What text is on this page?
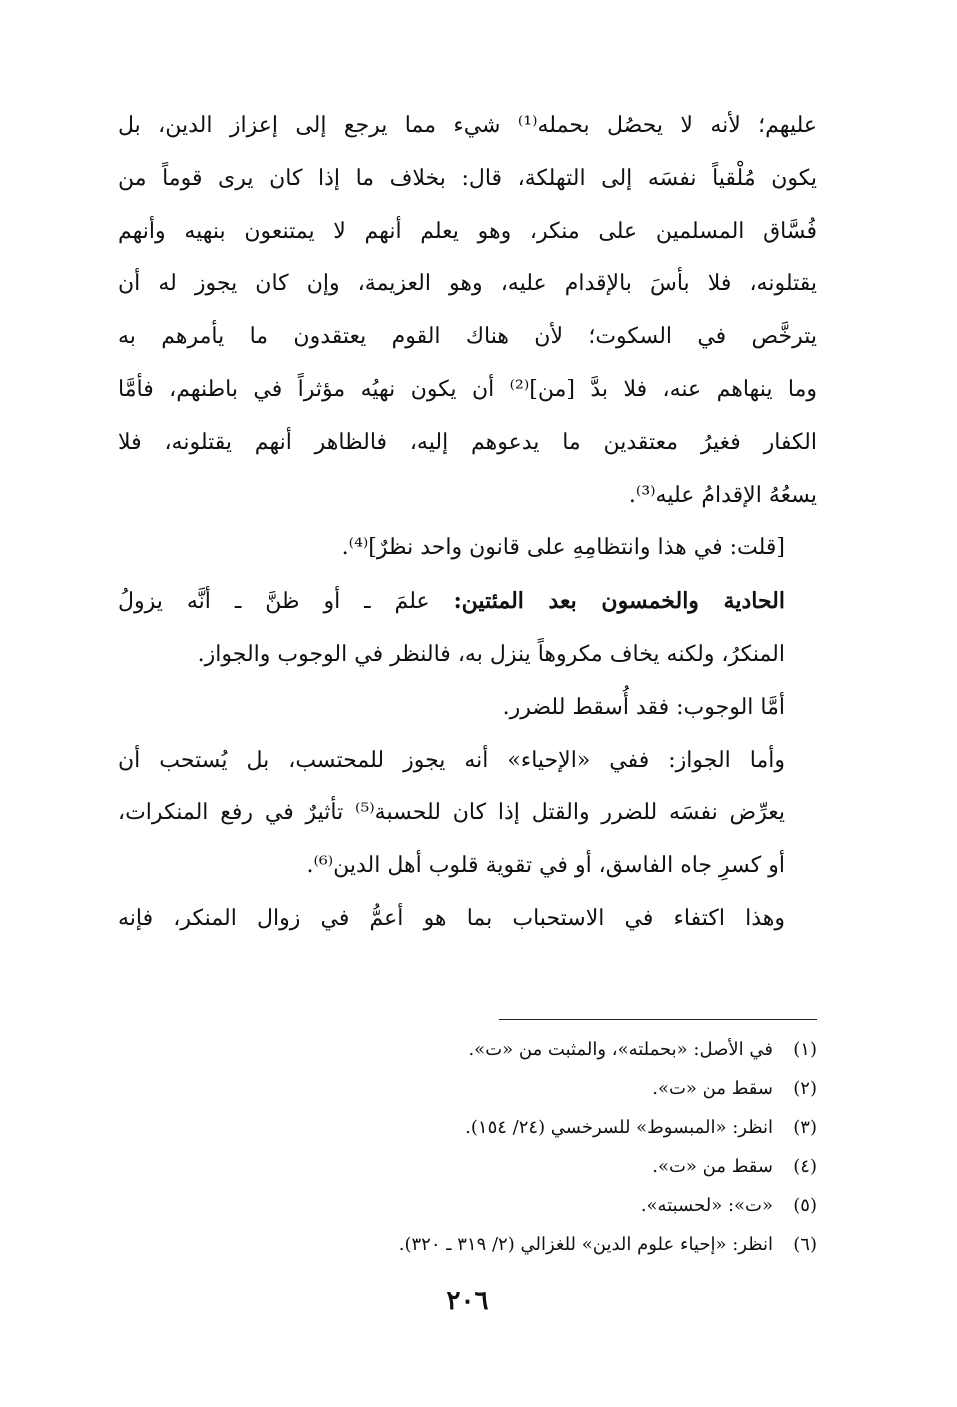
عليهم؛ لأنه لا يحصُل بحمله⁽¹⁾ شيء مما يرجع إلى إعزاز الدين، بل
يكون مُلْقياً نفسَه إلى التهلكة، قال: بخلاف ما إذا كان يرى قوماً من
فُسَّاق المسلمين على منكر، وهو يعلم أنهم لا يمتنعون بنهيه وأنهم
يقتلونه، فلا بأسَ بالإقدام عليه، وهو العزيمة، وإن كان يجوز له أن
يترخَّص في السكوت؛ لأن هناك القوم يعتقدون ما يأمرهم به
وما ينهاهم عنه، فلا بدَّ [من]⁽²⁾ أن يكون نهيُه مؤثراً في باطنهم، فأمَّا
الكفار فغيرُ معتقدين ما يدعوهم إليه، فالظاهر أنهم يقتلونه، فلا
يسعُهُ الإقدامُ عليه⁽³⁾.

[قلت: في هذا وانتظامِهِ على قانون واحد نظرٌ]⁽⁴⁾.

الحادية والخمسون بعد المئتين: علمَ ـ أو ظنَّ ـ أنَّه يزولُ
المنكرُ، ولكنه يخاف مكروهاً ينزل به، فالنظر في الوجوب والجواز.

أمَّا الوجوب: فقد أُسقط للضرر.

وأما الجواز: ففي «الإحياء» أنه يجوز للمحتسب، بل يُستحب أن
يعرِّض نفسَه للضرر والقتل إذا كان للحسبة⁽⁵⁾ تأثيرٌ في رفع المنكرات،
أو كسرِ جاه الفاسق، أو في تقوية قلوب أهل الدين⁽⁶⁾.

وهذا اكتفاء في الاستحباب بما هو أعمُّ في زوال المنكر، فإنه

(١)في الأصل: «بحملته»، والمثبت من «ت».
(٢)سقط من «ت».
(٣)انظر: «المبسوط» للسرخسي (٢٤/ ١٥٤).
(٤)سقط من «ت».
(٥)«ت»: «لحسبته».
(٦)انظر: «إحياء علوم الدين» للغزالي (٢/ ٣١٩ ـ ٣٢٠).
٢٠٦
